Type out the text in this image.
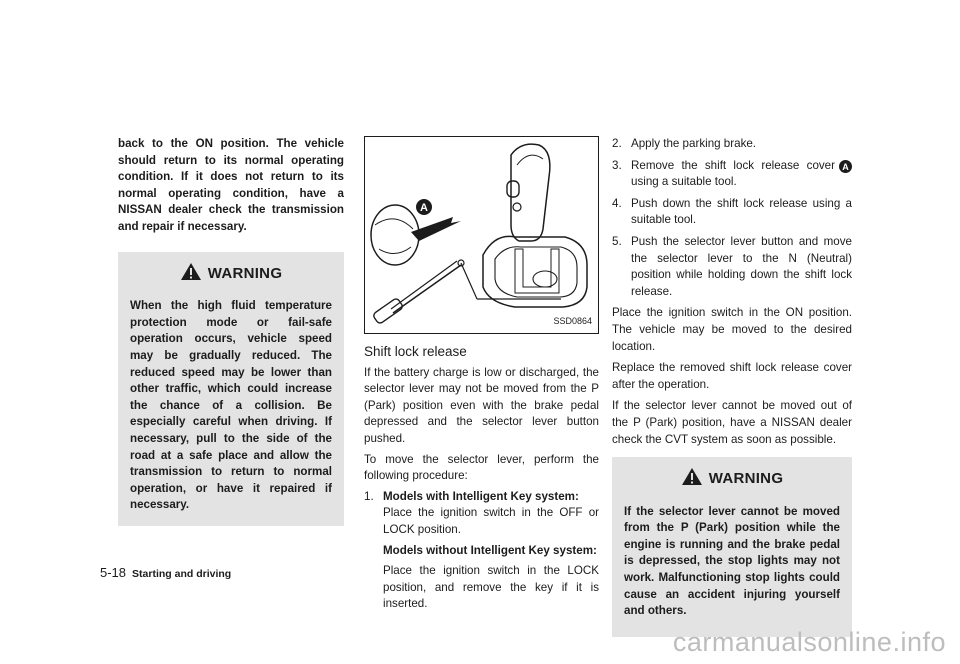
back to the ON position. The vehicle should return to its normal operating condition. If it does not return to its normal operating condition, have a NISSAN dealer check the transmission and repair if necessary.

WARNING

When the high fluid temperature protection mode or fail-safe operation occurs, vehicle speed may be gradually reduced. The reduced speed may be lower than other traffic, which could increase the chance of a collision. Be especially careful when driving. If necessary, pull to the side of the road at a safe place and allow the transmission to return to normal operation, or have it repaired if necessary.

A
SSD0864

Shift lock release

If the battery charge is low or discharged, the selector lever may not be moved from the P (Park) position even with the brake pedal depressed and the selector lever button pushed.

To move the selector lever, perform the following procedure:

1. Models with Intelligent Key system:

Place the ignition switch in the OFF or LOCK position.

Models without Intelligent Key system:

Place the ignition switch in the LOCK position, and remove the key if it is inserted.

2. Apply the parking brake.
3. Remove the shift lock release cover A using a suitable tool.
4. Push down the shift lock release using a suitable tool.
5. Push the selector lever button and move the selector lever to the N (Neutral) position while holding down the shift lock release.

Place the ignition switch in the ON position. The vehicle may be moved to the desired location.

Replace the removed shift lock release cover after the operation.

If the selector lever cannot be moved out of the P (Park) position, have a NISSAN dealer check the CVT system as soon as possible.

WARNING

If the selector lever cannot be moved from the P (Park) position while the engine is running and the brake pedal is depressed, the stop lights may not work. Malfunctioning stop lights could cause an accident injuring yourself and others.

5-18 Starting and driving
carmanualsonline.info
